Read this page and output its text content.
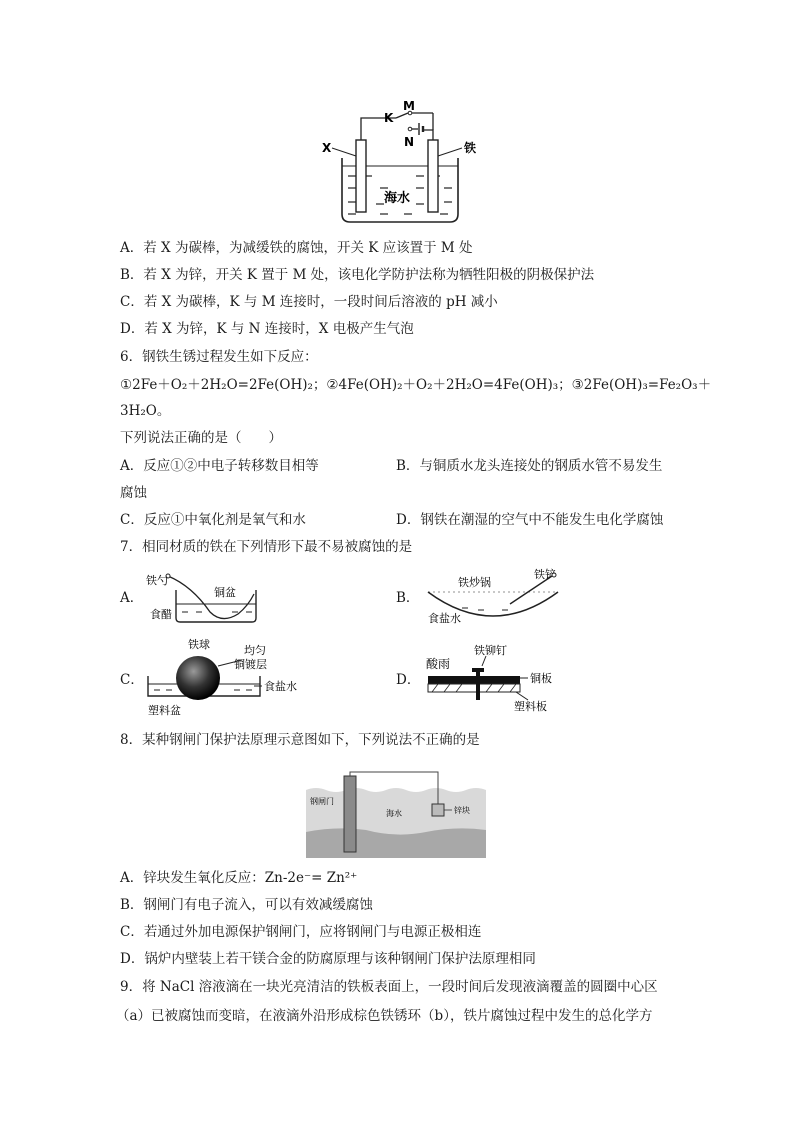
M
K
N
X	铁
海水
A．若 X 为碳棒，为减缓铁的腐蚀，开关 K 应该置于 M 处
B．若 X 为锌，开关 K 置于 M 处，该电化学防护法称为牺牲阳极的阴极保护法
C．若 X 为碳棒，K 与 M 连接时，一段时间后溶液的 pH 减小
D．若 X 为锌，K 与 N 连接时，X 电极产生气泡
6．钢铁生锈过程发生如下反应：
①2Fe＋O₂＋2H₂O=2Fe(OH)₂；②4Fe(OH)₂＋O₂＋2H₂O=4Fe(OH)₃；③2Fe(OH)₃=Fe₂O₃＋
3H₂O。
下列说法正确的是（　　）
A．反应①②中电子转移数目相等	B．与铜质水龙头连接处的钢质水管不易发生
腐蚀
C．反应①中氧化剂是氧气和水	D．钢铁在潮湿的空气中不能发生电化学腐蚀
7．相同材质的铁在下列情形下最不易被腐蚀的是
A．
铁勺
铜盆
食醋
B．
铁炒锅
铁铲
食盐水
C．
铁球	均匀
铜镀层
食盐水
塑料盆
D．
酸雨
铁铆钉
铜板
塑料板
8．某种钢闸门保护法原理示意图如下，下列说法不正确的是
钢闸门
海水	锌块
A．锌块发生氧化反应：Zn-2e⁻= Zn²⁺
B．钢闸门有电子流入，可以有效减缓腐蚀
C．若通过外加电源保护钢闸门，应将钢闸门与电源正极相连
D．锅炉内壁装上若干镁合金的防腐原理与该种钢闸门保护法原理相同
9．将 NaCl 溶液滴在一块光亮清洁的铁板表面上，一段时间后发现液滴覆盖的圆圈中心区
（a）已被腐蚀而变暗，在液滴外沿形成棕色铁锈环（b），铁片腐蚀过程中发生的总化学方
